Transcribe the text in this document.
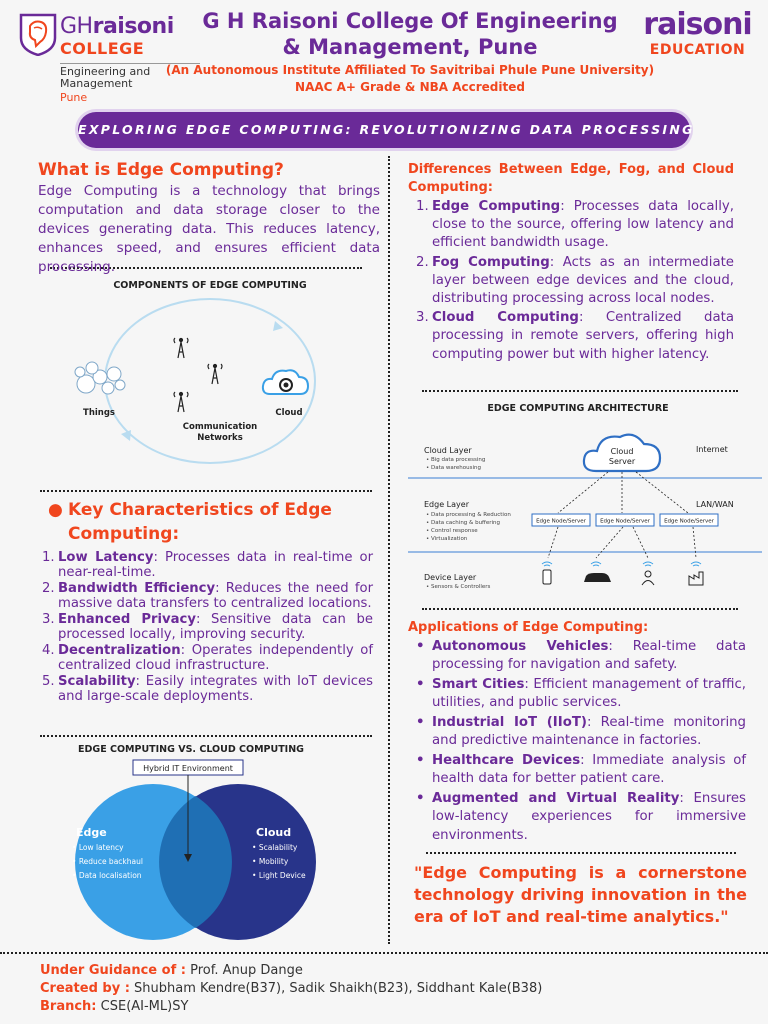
GHraisoni
COLLEGE
Engineering and
Management
Pune
G H Raisoni College Of Engineering
& Management, Pune
(An Autonomous Institute Affiliated To Savitribai Phule Pune University)
NAAC A+ Grade & NBA Accredited
raisoni
EDUCATION
EXPLORING EDGE COMPUTING: REVOLUTIONIZING DATA PROCESSING
What is Edge Computing?
Edge Computing is a technology that brings computation and data storage closer to the devices generating data. This reduces latency, enhances speed, and ensures efficient data processing.
COMPONENTS OF EDGE COMPUTING
Things
Communication
Networks
Cloud
● Key Characteristics of Edge Computing:
1. Low Latency: Processes data in real-time or near-real-time.
2. Bandwidth Efficiency: Reduces the need for massive data transfers to centralized locations.
3. Enhanced Privacy: Sensitive data can be processed locally, improving security.
4. Decentralization: Operates independently of centralized cloud infrastructure.
5. Scalability: Easily integrates with IoT devices and large-scale deployments.
EDGE COMPUTING VS. CLOUD COMPUTING
Hybrid IT Environment
Edge
• Low latency
• Reduce backhaul
• Data localisation
Cloud
• Scalability
• Mobility
• Light Device
Differences Between Edge, Fog, and Cloud Computing:
1. Edge Computing: Processes data locally, close to the source, offering low latency and efficient bandwidth usage.
2. Fog Computing: Acts as an intermediate layer between edge devices and the cloud, distributing processing across local nodes.
3. Cloud Computing: Centralized data processing in remote servers, offering high computing power but with higher latency.
EDGE COMPUTING ARCHITECTURE
Cloud Layer
• Big data processing
• Data warehousing
Cloud
Server
Internet
Edge Layer
• Data processing & Reduction
• Data caching & buffering
• Control response
• Virtualization
LAN/WAN
Edge Node/Server	Edge Node/Server	Edge Node/Server
Device Layer
• Sensors & Controllers
Applications of Edge Computing:
• Autonomous Vehicles: Real-time data processing for navigation and safety.
• Smart Cities: Efficient management of traffic, utilities, and public services.
• Industrial IoT (IIoT): Real-time monitoring and predictive maintenance in factories.
• Healthcare Devices: Immediate analysis of health data for better patient care.
• Augmented and Virtual Reality: Ensures low-latency experiences for immersive environments.
"Edge Computing is a cornerstone technology driving innovation in the era of IoT and real-time analytics."
Under Guidance of : Prof. Anup Dange
Created by : Shubham Kendre(B37), Sadik Shaikh(B23), Siddhant Kale(B38)
Branch: CSE(AI-ML)SY
